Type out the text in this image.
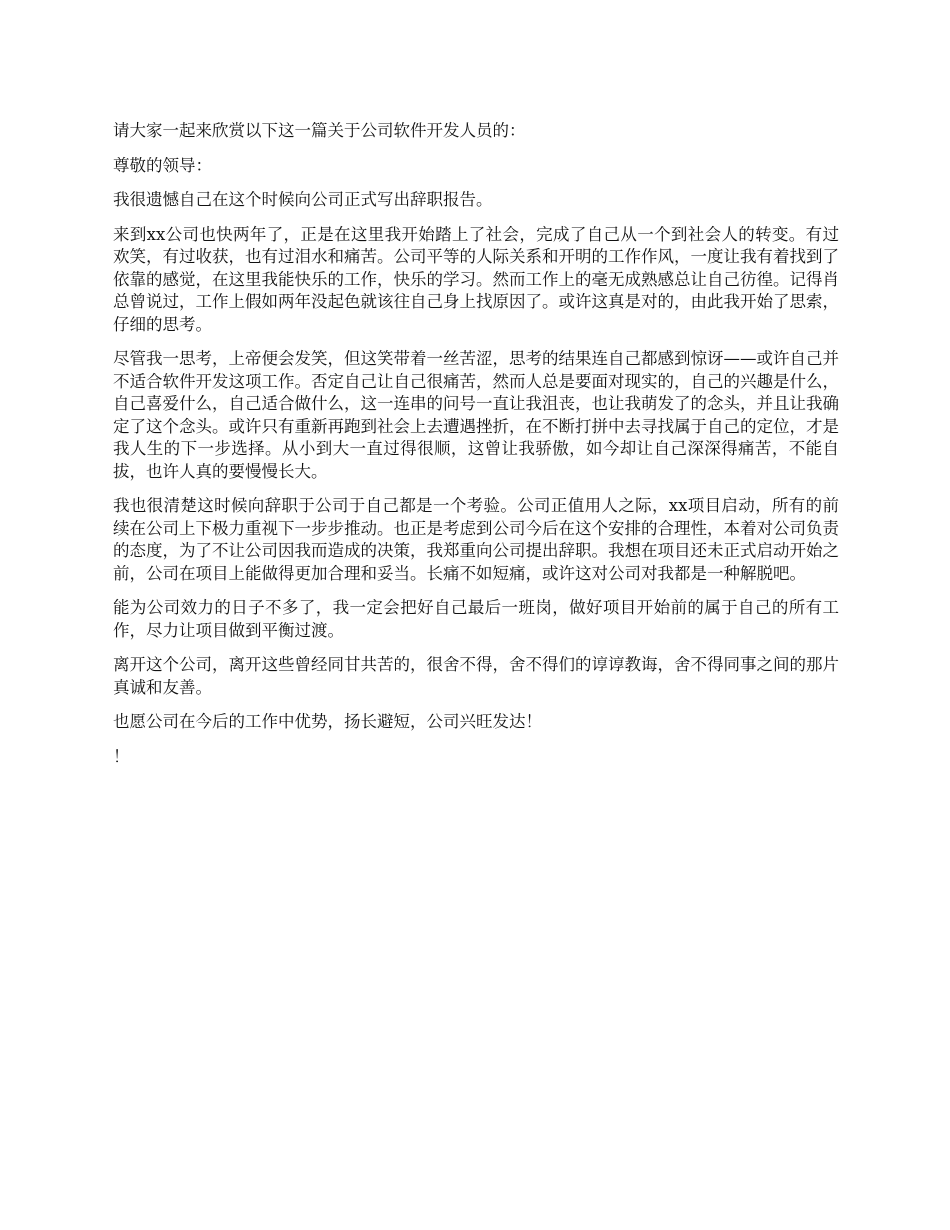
请大家一起来欣赏以下这一篇关于公司软件开发人员的：

尊敬的领导：

我很遗憾自己在这个时候向公司正式写出辞职报告。

来到xx公司也快两年了，正是在这里我开始踏上了社会，完成了自己从一个到社会人的转变。有过欢笑，有过收获，也有过泪水和痛苦。公司平等的人际关系和开明的工作作风，一度让我有着找到了依靠的感觉，在这里我能快乐的工作，快乐的学习。然而工作上的毫无成熟感总让自己彷徨。记得肖总曾说过，工作上假如两年没起色就该往自己身上找原因了。或许这真是对的，由此我开始了思索，仔细的思考。

尽管我一思考，上帝便会发笑，但这笑带着一丝苦涩，思考的结果连自己都感到惊讶——或许自己并不适合软件开发这项工作。否定自己让自己很痛苦，然而人总是要面对现实的，自己的兴趣是什么，自己喜爱什么，自己适合做什么，这一连串的问号一直让我沮丧，也让我萌发了的念头，并且让我确定了这个念头。或许只有重新再跑到社会上去遭遇挫折，在不断打拼中去寻找属于自己的定位，才是我人生的下一步选择。从小到大一直过得很顺，这曾让我骄傲，如今却让自己深深得痛苦，不能自拔，也许人真的要慢慢长大。

我也很清楚这时候向辞职于公司于自己都是一个考验。公司正值用人之际，xx项目启动，所有的前续在公司上下极力重视下一步步推动。也正是考虑到公司今后在这个安排的合理性，本着对公司负责的态度，为了不让公司因我而造成的决策，我郑重向公司提出辞职。我想在项目还未正式启动开始之前，公司在项目上能做得更加合理和妥当。长痛不如短痛，或许这对公司对我都是一种解脱吧。

能为公司效力的日子不多了，我一定会把好自己最后一班岗，做好项目开始前的属于自己的所有工作，尽力让项目做到平衡过渡。

离开这个公司，离开这些曾经同甘共苦的，很舍不得，舍不得们的谆谆教诲，舍不得同事之间的那片真诚和友善。

也愿公司在今后的工作中优势，扬长避短，公司兴旺发达！

！
